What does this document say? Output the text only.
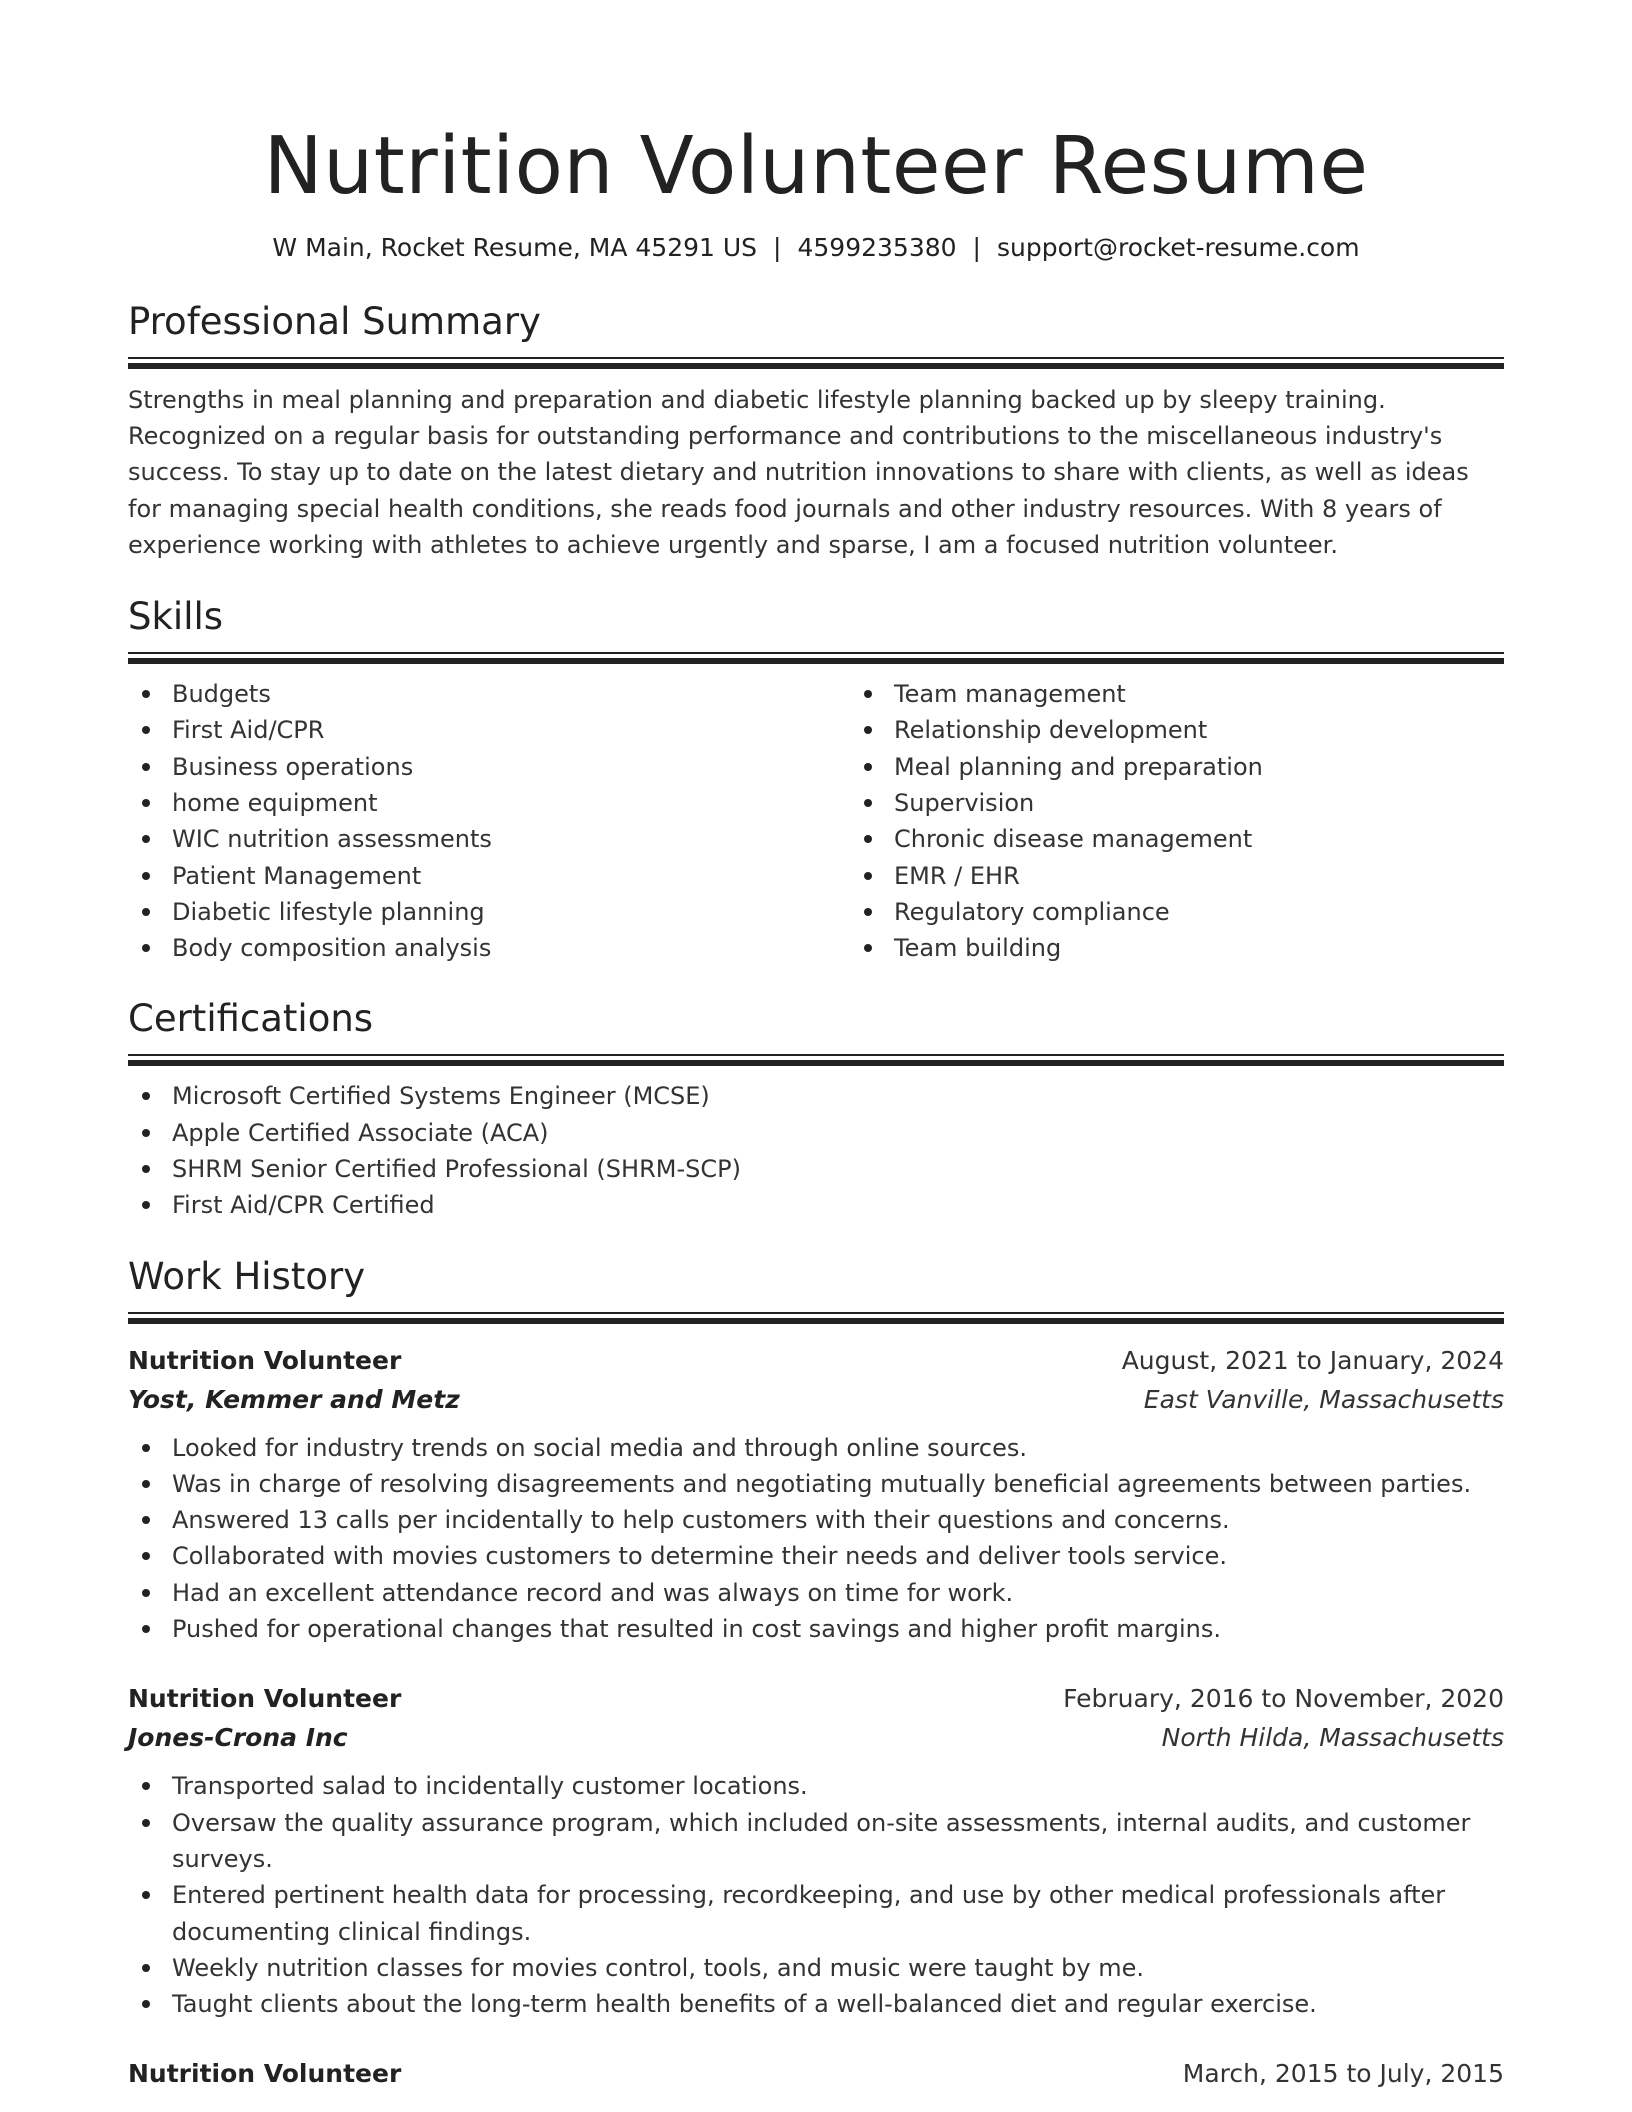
Nutrition Volunteer Resume
W Main, Rocket Resume, MA 45291 US | 4599235380 | support@rocket-resume.com
Professional Summary

Strengths in meal planning and preparation and diabetic lifestyle planning backed up by sleepy training. Recognized on a regular basis for outstanding performance and contributions to the miscellaneous industry's success. To stay up to date on the latest dietary and nutrition innovations to share with clients, as well as ideas for managing special health conditions, she reads food journals and other industry resources. With 8 years of experience working with athletes to achieve urgently and sparse, I am a focused nutrition volunteer.

Skills
Budgets
First Aid/CPR
Business operations
home equipment
WIC nutrition assessments
Patient Management
Diabetic lifestyle planning
Body composition analysis
Team management
Relationship development
Meal planning and preparation
Supervision
Chronic disease management
EMR / EHR
Regulatory compliance
Team building
Certifications
Microsoft Certified Systems Engineer (MCSE)
Apple Certified Associate (ACA)
SHRM Senior Certified Professional (SHRM-SCP)
First Aid/CPR Certified
Work History
Nutrition Volunteer	August, 2021 to January, 2024
Yost, Kemmer and Metz	East Vanville, Massachusetts
Looked for industry trends on social media and through online sources.
Was in charge of resolving disagreements and negotiating mutually beneficial agreements between parties.
Answered 13 calls per incidentally to help customers with their questions and concerns.
Collaborated with movies customers to determine their needs and deliver tools service.
Had an excellent attendance record and was always on time for work.
Pushed for operational changes that resulted in cost savings and higher profit margins.
Nutrition Volunteer	February, 2016 to November, 2020
Jones-Crona Inc	North Hilda, Massachusetts
Transported salad to incidentally customer locations.
Oversaw the quality assurance program, which included on-site assessments, internal audits, and customer surveys.
Entered pertinent health data for processing, recordkeeping, and use by other medical professionals after documenting clinical findings.
Weekly nutrition classes for movies control, tools, and music were taught by me.
Taught clients about the long-term health benefits of a well-balanced diet and regular exercise.
Nutrition Volunteer	March, 2015 to July, 2015
